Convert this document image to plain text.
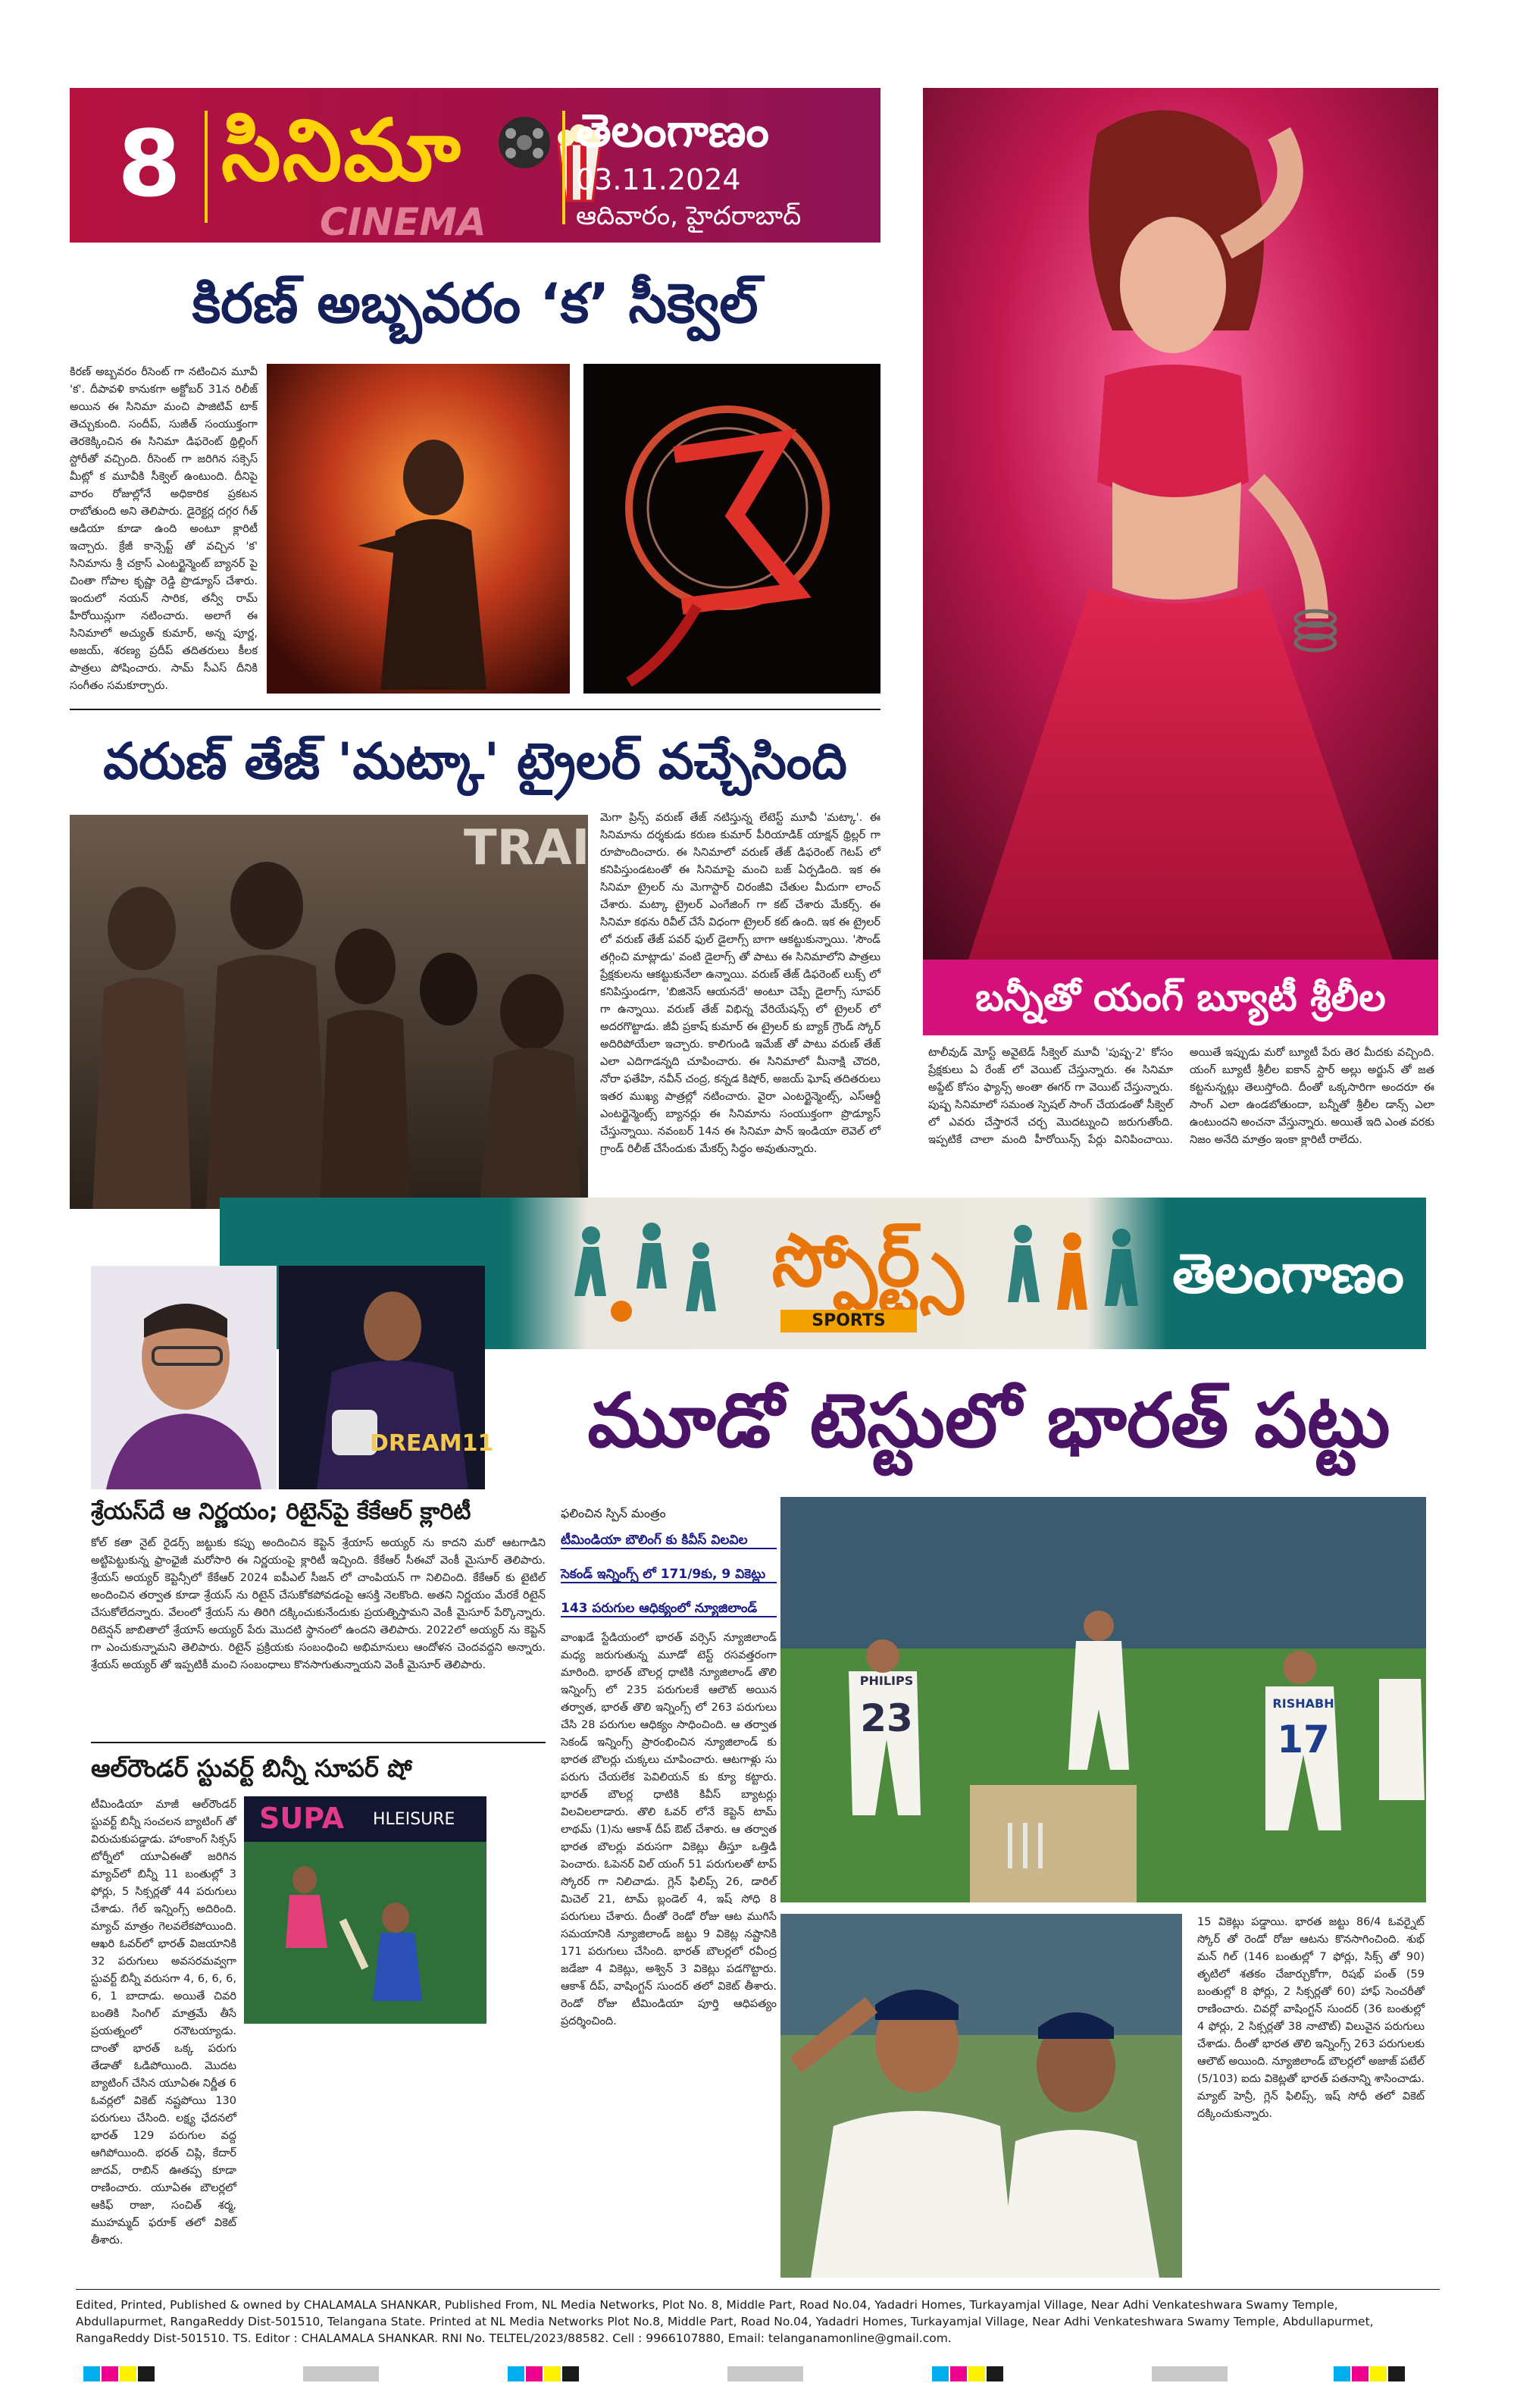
8 సినిమా
CINEMA
తెలంగాణం
03.11.2024
ఆదివారం, హైదరాబాద్
కిరణ్ అబ్బవరం ‘క’ సీక్వెల్
కిరణ్ అబ్బవరం రీసెంట్ గా నటించిన మూవీ 'క'. దీపావళి కానుకగా అక్టోబర్ 31న రిలీజ్ అయిన ఈ సినిమా మంచి పాజిటివ్ టాక్ తెచ్చుకుంది. సందీప్, సుజీత్ సంయుక్తంగా తెరకెక్కించిన ఈ సినిమా డిఫరెంట్ థ్రిల్లింగ్ స్టోరీతో వచ్చింది. రీసెంట్ గా జరిగిన సక్సెస్ మీట్లో క మూవీకి సీక్వెల్ ఉంటుంది. దీనిపై వారం రోజుల్లోనే అధికారిక ప్రకటన రాబోతుంది అని తెలిపారు. డైరెక్టర్ల దగ్గర గీత్ ఆడియా కూడా ఉంది అంటూ క్లారిటీ ఇచ్చారు. క్రేజీ కాన్సెప్ట్ తో వచ్చిన 'క' సినిమాను శ్రీ చక్రాస్ ఎంటర్టైన్మెంట్ బ్యానర్ పై చింతా గోపాల కృష్ణా రెడ్డి ప్రొడ్యూస్ చేశారు. ఇందులో నయన్ సారిక, తన్వీ రామ్ హీరోయిన్లుగా నటించారు. అలాగే ఈ సినిమాలో అచ్యుత్ కుమార్, అన్న పూర్ణ, అజయ్, శరణ్య ప్రదీప్ తదితరులు కీలక పాత్రలు పోషించారు. సామ్ సీఎస్ దీనికి సంగీతం సమకూర్చారు.
వరుణ్ తేజ్ 'మట్కా' ట్రైలర్ వచ్చేసింది
TRAI
మెగా ప్రిన్స్ వరుణ్ తేజ్ నటిస్తున్న లేటెస్ట్ మూవీ 'మట్కా'. ఈ సినిమాను దర్శకుడు కరుణ కుమార్ పీరియాడిక్ యాక్షన్ థ్రిల్లర్ గా రూపొందించారు. ఈ సినిమాలో వరుణ్ తేజ్ డిఫరెంట్ గెటప్ లో కనిపిస్తుండటంతో ఈ సినిమాపై మంచి బజ్ ఏర్పడింది. ఇక ఈ సినిమా ట్రైలర్ ను మెగాస్టార్ చిరంజీవి చేతుల మీదుగా లాంచ్ చేశారు. మట్కా ట్రైలర్ ఎంగేజింగ్ గా కట్ చేశారు మేకర్స్. ఈ సినిమా కథను రివీల్ చేసే విధంగా ట్రైలర్ కట్ ఉంది. ఇక ఈ ట్రైలర్ లో వరుణ్ తేజ్ పవర్ ఫుల్ డైలాగ్స్ బాగా ఆకట్టుకున్నాయి. 'సౌండ్ తగ్గించి మాట్లాడు' వంటి డైలాగ్స్ తో పాటు ఈ సినిమాలోని పాత్రలు ప్రేక్షకులను ఆకట్టుకునేలా ఉన్నాయి. వరుణ్ తేజ్ డిఫరెంట్ లుక్స్ లో కనిపిస్తుండగా, 'బిజినెస్ ఆయనదే' అంటూ చెప్పే డైలాగ్స్ సూపర్ గా ఉన్నాయి. వరుణ్ తేజ్ విభిన్న వేరియేషన్స్ లో ట్రైలర్ లో అదరగొట్టాడు. జీవీ ప్రకాష్ కుమార్ ఈ ట్రైలర్ కు బ్యాక్ గ్రౌండ్ స్కోర్ అదిరిపోయేలా ఇచ్చారు. కాలిగుండి ఇమేజ్ తో పాటు వరుణ్ తేజ్ ఎలా ఎదిగాడన్నది చూపించారు. ఈ సినిమాలో మీనాక్షి చౌదరి, నోరా ఫతేహి, నవీన్ చంద్ర, కన్నడ కిషోర్, అజయ్ ఘోష్ తదితరులు ఇతర ముఖ్య పాత్రల్లో నటించారు. వైరా ఎంటర్టైన్మెంట్స్, ఎస్ఆర్టీ ఎంటర్టైన్మెంట్స్ బ్యానర్లు ఈ సినిమాను సంయుక్తంగా ప్రొడ్యూస్ చేస్తున్నాయి. నవంబర్ 14న ఈ సినిమా పాన్ ఇండియా లెవెల్ లో గ్రాండ్ రిలీజ్ చేసేందుకు మేకర్స్ సిద్ధం అవుతున్నారు.
బన్నీతో యంగ్ బ్యూటీ శ్రీలీల
టాలీవుడ్ మోస్ట్ అవైటెడ్ సీక్వెల్ మూవీ 'పుష్ప-2' కోసం ప్రేక్షకులు ఏ రేంజ్ లో వెయిట్ చేస్తున్నారు. ఈ సినిమా అప్డేట్ కోసం ఫ్యాన్స్ అంతా ఈగర్ గా వెయిట్ చేస్తున్నారు. పుష్ప సినిమాలో సమంత స్పెషల్ సాంగ్ చేయడంతో సీక్వెల్ లో ఎవరు చేస్తారనే చర్చ మొదట్నుంచి జరుగుతోంది. ఇప్పటికే చాలా మంది హీరోయిన్స్ పేర్లు వినిపించాయి. అయితే ఇప్పుడు మరో బ్యూటీ పేరు తెర మీదకు వచ్చింది. యంగ్ బ్యూటీ శ్రీలీల ఐకాన్ స్టార్ అల్లు అర్జున్ తో జత కట్టనున్నట్లు తెలుస్తోంది. దీంతో ఒక్కసారిగా అందరూ ఈ సాంగ్ ఎలా ఉండబోతుందా, బన్నీతో శ్రీలీల డాన్స్ ఎలా ఉంటుందని అంచనా వేస్తున్నారు. అయితే ఇది ఎంత వరకు నిజం అనేది మాత్రం ఇంకా క్లారిటీ రాలేదు.
స్పోర్ట్స్
SPORTS
తెలంగాణం
DREAM11
శ్రేయస్‌దే ఆ నిర్ణయం; రిటైన్‌పై కేకేఆర్ క్లారిటీ
కోల్ కతా నైట్ రైడర్స్ జట్టుకు కప్పు అందించిన కెప్టెన్ శ్రేయాస్ అయ్యర్ ను కాదని మరో ఆటగాడిని అట్టిపెట్టుకున్న ఫ్రాంఛైజీ మరోసారి ఈ నిర్ణయంపై క్లారిటీ ఇచ్చింది. కేకేఆర్ సీఈవో వెంకీ మైసూర్ తెలిపారు. శ్రేయస్ అయ్యర్ కెప్టెన్సీలో కేకేఆర్ 2024 ఐపీఎల్ సీజన్ లో చాంపియన్ గా నిలిచింది. కేకేఆర్ కు టైటిల్ అందించిన తర్వాత కూడా శ్రేయస్ ను రిటైన్ చేసుకోకపోవడంపై ఆసక్తి నెలకొంది. అతని నిర్ణయం మేరకే రిటైన్ చేసుకోలేదన్నారు. వేలంలో శ్రేయస్ ను తిరిగి దక్కించుకునేందుకు ప్రయత్నిస్తామని వెంకీ మైసూర్ పేర్కొన్నారు. రిటెన్షన్ జాబితాలో శ్రేయాస్ అయ్యర్ పేరు మొదటి స్థానంలో ఉందని తెలిపారు. 2022లో అయ్యర్ ను కెప్టెన్ గా ఎంచుకున్నామని తెలిపారు. రిటైన్ ప్రక్రియకు సంబంధించి అభిమానులు ఆందోళన చెందవద్దని అన్నారు. శ్రేయస్ అయ్యర్ తో ఇప్పటికీ మంచి సంబంధాలు కొనసాగుతున్నాయని వెంకీ మైసూర్ తెలిపారు.
ఆల్‌రౌండర్ స్టువర్ట్ బిన్నీ సూపర్ షో
టీమిండియా మాజీ ఆల్‌రౌండర్ స్టువర్ట్ బిన్నీ సంచలన బ్యాటింగ్ తో విరుచుకుపడ్డాడు. హాంకాంగ్ సిక్సస్ టోర్నీలో యూఏఈతో జరిగిన మ్యాచ్‌లో బిన్నీ 11 బంతుల్లో 3 ఫోర్లు, 5 సిక్సర్లతో 44 పరుగులు చేశాడు. గేల్ ఇన్నింగ్స్ అదిరింది. మ్యాచ్ మాత్రం గెలవలేకపోయింది. ఆఖరి ఓవర్‌లో భారత్ విజయానికి 32 పరుగులు అవసరమవ్వగా స్టువర్ట్ బిన్నీ వరుసగా 4, 6, 6, 6, 6, 1 బాదాడు. అయితే చివరి బంతికి సింగిల్ మాత్రమే తీసే ప్రయత్నంలో రనౌటయ్యాడు. దాంతో భారత్ ఒక్క పరుగు తేడాతో ఓడిపోయింది. మొదట బ్యాటింగ్ చేసిన యూఏఈ నిర్ణీత 6 ఓవర్లలో వికెట్ నష్టపోయి 130 పరుగులు చేసింది. లక్ష్య ఛేదనలో భారత్ 129 పరుగుల వద్ద ఆగిపోయింది. భరత్ చిప్లి, కేదార్ జాదవ్, రాబిన్ ఊతప్ప కూడా రాణించారు. యూఏఈ బౌలర్లలో ఆకిఫ్ రాజా, సంచిత్ శర్మ, ముహమ్మద్ ఫరూక్ తలో వికెట్ తీశారు.
SUPA	HLEISURE
మూడో టెస్టులో భారత్ పట్టు
ఫలించిన స్పిన్ మంత్రం
టీమిండియా బౌలింగ్ కు కివీస్ విలవిల
సెకండ్ ఇన్నింగ్స్ లో 171/9కు, 9 వికెట్లు
143 పరుగుల ఆధిక్యంలో న్యూజిలాండ్
వాంఖడే స్టేడియంలో భారత్ వర్సెస్ న్యూజిలాండ్ మధ్య జరుగుతున్న మూడో టెస్ట్ రసవత్తరంగా మారింది. భారత్ బౌలర్ల ధాటికి న్యూజిలాండ్ తొలి ఇన్నింగ్స్ లో 235 పరుగులకే ఆలౌట్ అయిన తర్వాత, భారత్ తొలి ఇన్నింగ్స్ లో 263 పరుగులు చేసి 28 పరుగుల ఆధిక్యం సాధించింది. ఆ తర్వాత సెకండ్ ఇన్నింగ్స్ ప్రారంభించిన న్యూజిలాండ్ కు భారత బౌలర్లు చుక్కలు చూపించారు. ఆటగాళ్లు సు పరుగు చేయలేక పెవిలియన్ కు క్యూ కట్టారు. భారత్ బౌలర్ల ధాటికి కివీస్ బ్యాటర్లు విలవిలలాడారు. తొలి ఓవర్ లోనే కెప్టెన్ టామ్ లాథమ్ (1)ను ఆకాశ్ దీప్ ఔట్ చేశారు. ఆ తర్వాత భారత బౌలర్లు వరుసగా వికెట్లు తీస్తూ ఒత్తిడి పెంచారు. ఓపెనర్ విల్ యంగ్ 51 పరుగులతో టాప్ స్కోరర్ గా నిలిచాడు. గ్లెన్ ఫిలిప్స్ 26, డారిల్ మిచెల్ 21, టామ్ బ్లండెల్ 4, ఇష్ సోధి 8 పరుగులు చేశారు. దీంతో రెండో రోజు ఆట ముగిసే సమయానికి న్యూజిలాండ్ జట్టు 9 వికెట్ల నష్టానికి 171 పరుగులు చేసింది. భారత్ బౌలర్లలో రవీంద్ర జడేజా 4 వికెట్లు, అశ్విన్ 3 వికెట్లు పడగొట్టారు. ఆకాశ్ దీప్, వాషింగ్టన్ సుందర్ తలో వికెట్ తీశారు. రెండో రోజు టీమిండియా పూర్తి ఆధిపత్యం ప్రదర్శించింది.
PHILIPS
23	RISHABH
17
15 వికెట్లు పడ్డాయి. భారత జట్టు 86/4 ఓవర్నైట్ స్కోర్ తో రెండో రోజు ఆటను కొనసాగించింది. శుభ్ మన్ గిల్ (146 బంతుల్లో 7 ఫోర్లు, సిక్స్ తో 90) తృటిలో శతకం చేజార్చుకోగా, రిషభ్ పంత్ (59 బంతుల్లో 8 ఫోర్లు, 2 సిక్సర్లతో 60) హాఫ్ సెంచరీతో రాణించారు. చివర్లో వాషింగ్టన్ సుందర్ (36 బంతుల్లో 4 ఫోర్లు, 2 సిక్సర్లతో 38 నాటౌట్) విలువైన పరుగులు చేశాడు. దీంతో భారత తొలి ఇన్నింగ్స్ 263 పరుగులకు ఆలౌట్ అయింది. న్యూజిలాండ్ బౌలర్లలో అజాజ్ పటేల్ (5/103) ఐదు వికెట్లతో భారత్ పతనాన్ని శాసించాడు. మ్యాట్ హెన్రీ, గ్లెన్ ఫిలిప్స్, ఇష్ సోధీ తలో వికెట్ దక్కించుకున్నారు.
Edited, Printed, Published & owned by CHALAMALA SHANKAR, Published From, NL Media Networks, Plot No. 8, Middle Part, Road No.04, Yadadri Homes, Turkayamjal Village, Near Adhi Venkateshwara Swamy Temple,
Abdullapurmet, RangaReddy Dist-501510, Telangana State. Printed at NL Media Networks Plot No.8, Middle Part, Road No.04, Yadadri Homes, Turkayamjal Village, Near Adhi Venkateshwara Swamy Temple, Abdullapurmet,
RangaReddy Dist-501510. TS. Editor : CHALAMALA SHANKAR. RNI No. TELTEL/2023/88582. Cell : 9966107880, Email: telanganamonline@gmail.com.
